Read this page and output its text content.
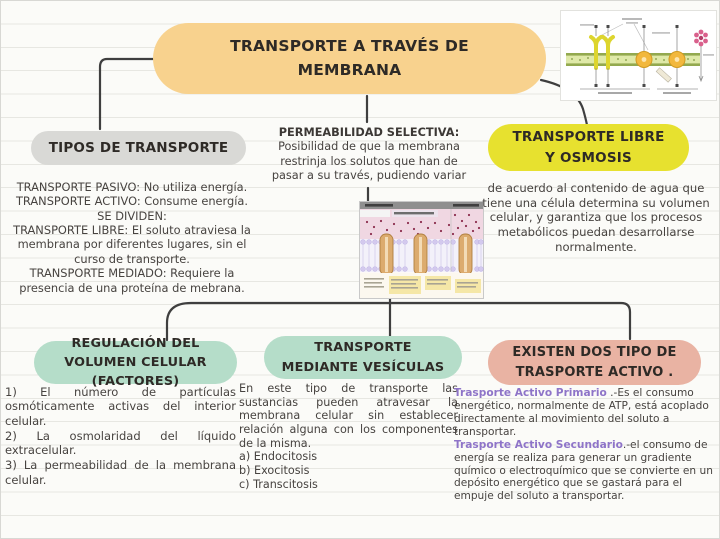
TRANSPORTE A TRAVÉS DE MEMBRANA
TIPOS DE TRANSPORTE
TRANSPORTE PASIVO: No utiliza energía.
TRANSPORTE ACTIVO: Consume energía.
SE DIVIDEN:
TRANSPORTE LIBRE: El soluto atraviesa la membrana por diferentes lugares, sin el curso de transporte.
TRANSPORTE MEDIADO: Requiere la presencia de una proteína de mebrana.
PERMEABILIDAD SELECTIVA:
Posibilidad de que la membrana restrinja los solutos que han de pasar a su través, pudiendo variar
TRANSPORTE LIBRE Y OSMOSIS
de acuerdo al contenido de agua que tiene una célula determina su volumen celular, y garantiza que los procesos metabólicos puedan desarrollarse normalmente.
REGULACIÓN DEL VOLUMEN CELULAR (FACTORES)
1) El número de partículas osmóticamente activas del interior celular.
2) La osmolaridad del líquido extracelular.
3) La permeabilidad de la membrana celular.
TRANSPORTE MEDIANTE VESÍCULAS
En este tipo de transporte las sustancias pueden atravesar la membrana celular sin establecer relación alguna con los componentes de la misma.
a) Endocitosis
b) Exocitosis
c) Transcitosis
EXISTEN DOS TIPO DE TRASPORTE ACTIVO .

Trasporte Activo Primario .-Es el consumo energético, normalmente de ATP, está acoplado directamente al movimiento del soluto a transportar.

Trasporte Activo Secundario.-el consumo de energía se realiza para generar un gradiente químico o electroquímico que se convierte en un depósito energético que se gastará para el empuje del soluto a transportar.
